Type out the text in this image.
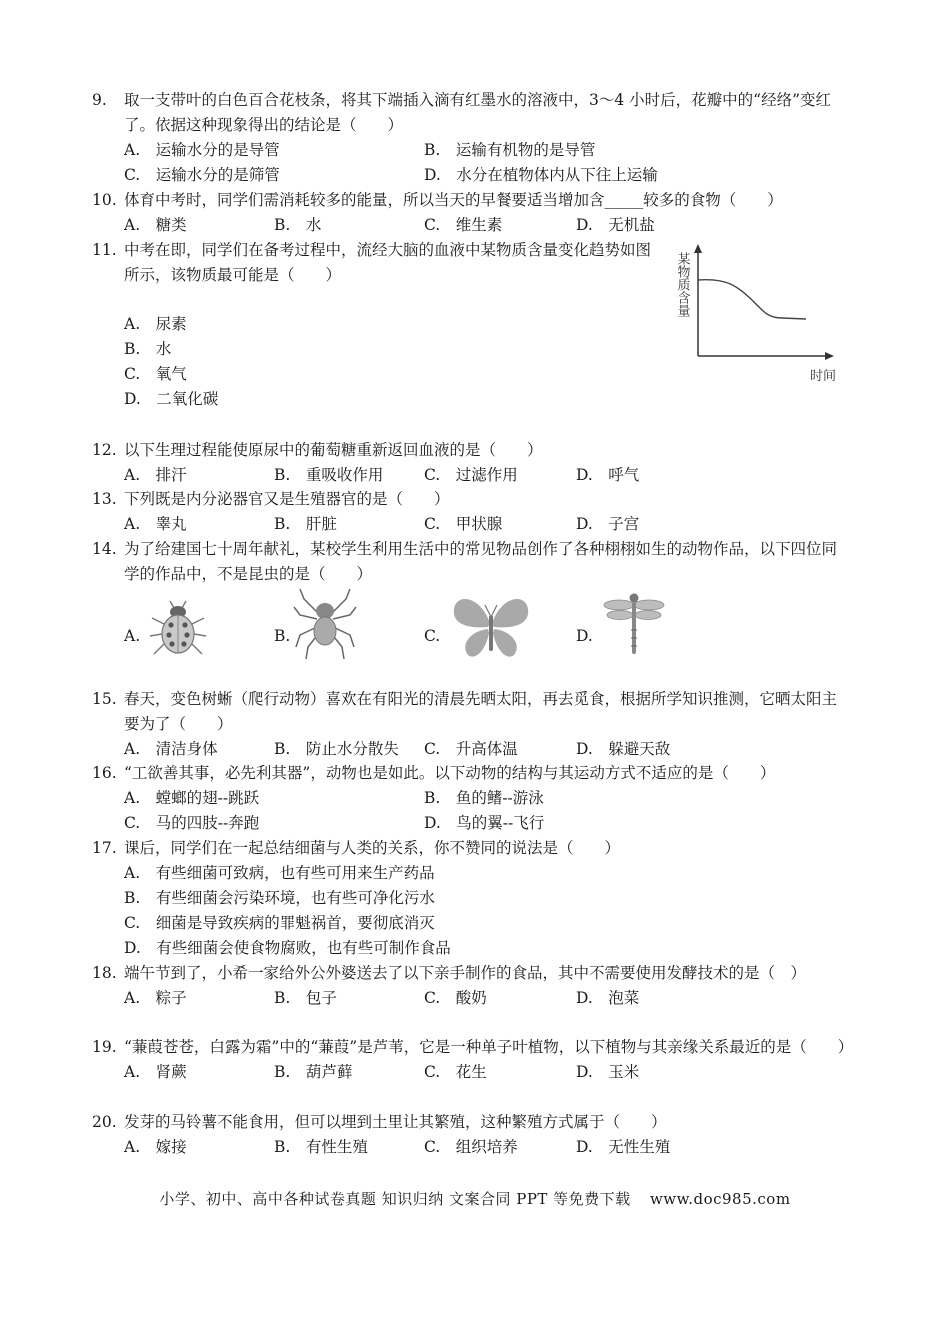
9. 取一支带叶的白色百合花枝条，将其下端插入滴有红墨水的溶液中，3～4 小时后，花瓣中的“经络”变红了。依据这种现象得出的结论是（　　）
A.　运输水分的是导管	B.　运输有机物的是导管
C.　运输水分的是筛管	D.　水分在植物体内从下往上运输
10. 体育中考时，同学们需消耗较多的能量，所以当天的早餐要适当增加含_____较多的食物（　　）
A.　糖类	B.　水	C.　维生素	D.　无机盐
11. 中考在即，同学们在备考过程中，流经大脑的血液中某物质含量变化趋势如图所示，该物质最可能是（　　）
A.　尿素
B.　水
C.　氧气
D.　二氧化碳
某物质含量
时间
12. 以下生理过程能使原尿中的葡萄糖重新返回血液的是（　　）
A.　排汗	B.　重吸收作用	C.　过滤作用	D.　呼气
13. 下列既是内分泌器官又是生殖器官的是（　　）
A.　睾丸	B.　肝脏	C.　甲状腺	D.　子宫
14. 为了给建国七十周年献礼，某校学生利用生活中的常见物品创作了各种栩栩如生的动物作品，以下四位同学的作品中，不是昆虫的是（　　）
A.	B.	C.	D.
15. 春天，变色树蜥（爬行动物）喜欢在有阳光的清晨先晒太阳，再去觅食，根据所学知识推测，它晒太阳主要为了（　　）
A.　清洁身体	B.　防止水分散失 C.　升高体温	D.　躲避天敌
16. “工欲善其事，必先利其器”，动物也是如此。以下动物的结构与其运动方式不适应的是（　　）
A.　螳螂的翅--跳跃	B.　鱼的鳍--游泳
C.　马的四肢--奔跑	D.　鸟的翼--飞行
17. 课后，同学们在一起总结细菌与人类的关系，你不赞同的说法是（　　）
A.　有些细菌可致病，也有些可用来生产药品
B.　有些细菌会污染环境，也有些可净化污水
C.　细菌是导致疾病的罪魁祸首，要彻底消灭
D.　有些细菌会使食物腐败，也有些可制作食品
18. 端午节到了，小希一家给外公外婆送去了以下亲手制作的食品，其中不需要使用发酵技术的是（　）
A.　粽子	B.　包子	C.　酸奶	D.　泡菜
19. “蒹葭苍苍，白露为霜”中的“蒹葭”是芦苇，它是一种单子叶植物，以下植物与其亲缘关系最近的是（　　）
A.　肾蕨	B.　葫芦藓	C.　花生	D.　玉米
20. 发芽的马铃薯不能食用，但可以埋到土里让其繁殖，这种繁殖方式属于（　　）
A.　嫁接	B.　有性生殖	C.　组织培养	D.　无性生殖
小学、初中、高中各种试卷真题 知识归纳 文案合同 PPT 等免费下载 www.doc985.com
